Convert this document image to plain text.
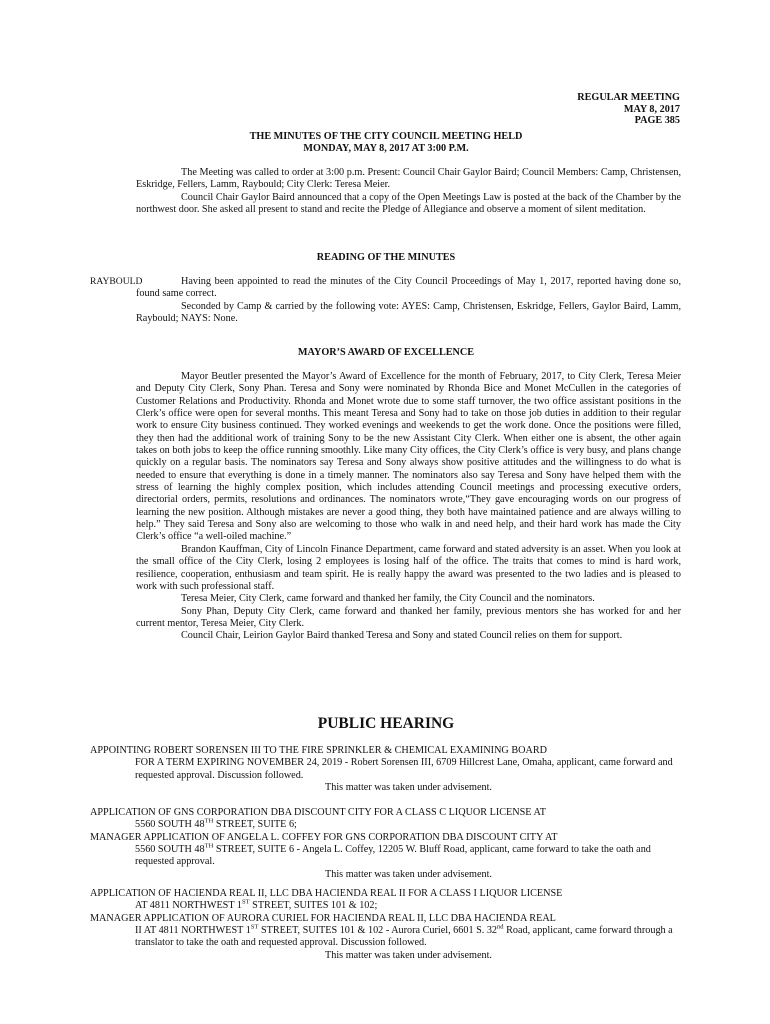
REGULAR MEETING
MAY 8, 2017
PAGE 385
THE MINUTES OF THE CITY COUNCIL MEETING HELD
MONDAY, MAY 8, 2017 AT 3:00 P.M.

The Meeting was called to order at 3:00 p.m. Present: Council Chair Gaylor Baird; Council Members: Camp, Christensen, Eskridge, Fellers, Lamm, Raybould; City Clerk: Teresa Meier.

Council Chair Gaylor Baird announced that a copy of the Open Meetings Law is posted at the back of the Chamber by the northwest door. She asked all present to stand and recite the Pledge of Allegiance and observe a moment of silent meditation.

READING OF THE MINUTES
RAYBOULD	Having been appointed to read the minutes of the City Council Proceedings of May 1, 2017, reported having done so, found same correct.

Seconded by Camp & carried by the following vote: AYES: Camp, Christensen, Eskridge, Fellers, Gaylor Baird, Lamm, Raybould; NAYS: None.

MAYOR’S AWARD OF EXCELLENCE

Mayor Beutler presented the Mayor’s Award of Excellence for the month of February, 2017, to City Clerk, Teresa Meier and Deputy City Clerk, Sony Phan. Teresa and Sony were nominated by Rhonda Bice and Monet McCullen in the categories of Customer Relations and Productivity. Rhonda and Monet wrote due to some staff turnover, the two office assistant positions in the Clerk’s office were open for several months. This meant Teresa and Sony had to take on those job duties in addition to their regular work to ensure City business continued. They worked evenings and weekends to get the work done. Once the positions were filled, they then had the additional work of training Sony to be the new Assistant City Clerk. When either one is absent, the other again takes on both jobs to keep the office running smoothly. Like many City offices, the City Clerk’s office is very busy, and plans change quickly on a regular basis. The nominators say Teresa and Sony always show positive attitudes and the willingness to do what is needed to ensure that everything is done in a timely manner. The nominators also say Teresa and Sony have helped them with the stress of learning the highly complex position, which includes attending Council meetings and processing executive orders, directorial orders, permits, resolutions and ordinances. The nominators wrote,“They gave encouraging words on our progress of learning the new position. Although mistakes are never a good thing, they both have maintained patience and are always willing to help.” They said Teresa and Sony also are welcoming to those who walk in and need help, and their hard work has made the City Clerk’s office “a well-oiled machine.”

Brandon Kauffman, City of Lincoln Finance Department, came forward and stated adversity is an asset. When you look at the small office of the City Clerk, losing 2 employees is losing half of the office. The traits that comes to mind is hard work, resilience, cooperation, enthusiasm and team spirit. He is really happy the award was presented to the two ladies and is pleased to work with such professional staff.

Teresa Meier, City Clerk, came forward and thanked her family, the City Council and the nominators.

Sony Phan, Deputy City Clerk, came forward and thanked her family, previous mentors she has worked for and her current mentor, Teresa Meier, City Clerk.

Council Chair, Leirion Gaylor Baird thanked Teresa and Sony and stated Council relies on them for support.

PUBLIC HEARING

APPOINTING ROBERT SORENSEN III TO THE FIRE SPRINKLER & CHEMICAL EXAMINING BOARD

FOR A TERM EXPIRING NOVEMBER 24, 2019 - Robert Sorensen III, 6709 Hillcrest Lane, Omaha, applicant, came forward and requested approval. Discussion followed.

This matter was taken under advisement.

APPLICATION OF GNS CORPORATION DBA DISCOUNT CITY FOR A CLASS C LIQUOR LICENSE AT

5560 SOUTH 48TH STREET, SUITE 6;

MANAGER APPLICATION OF ANGELA L. COFFEY FOR GNS CORPORATION DBA DISCOUNT CITY AT

5560 SOUTH 48TH STREET, SUITE 6 - Angela L. Coffey, 12205 W. Bluff Road, applicant, came forward to take the oath and requested approval.

This matter was taken under advisement.

APPLICATION OF HACIENDA REAL II, LLC DBA HACIENDA REAL II FOR A CLASS I LIQUOR LICENSE

AT 4811 NORTHWEST 1ST STREET, SUITES 101 & 102;

MANAGER APPLICATION OF AURORA CURIEL FOR HACIENDA REAL II, LLC DBA HACIENDA REAL

II AT 4811 NORTHWEST 1ST STREET, SUITES 101 & 102 - Aurora Curiel, 6601 S. 32nd Road, applicant, came forward through a translator to take the oath and requested approval. Discussion followed.

This matter was taken under advisement.
